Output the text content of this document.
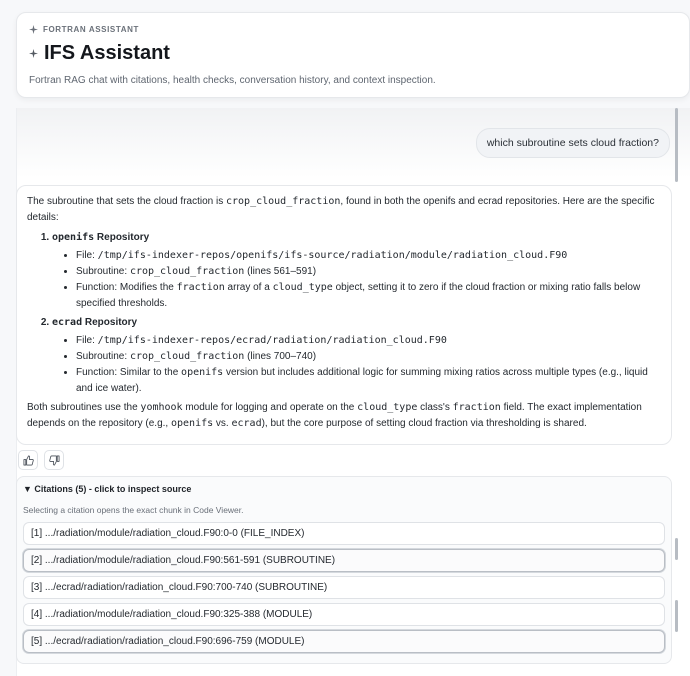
FORTRAN ASSISTANT
IFS Assistant
Fortran RAG chat with citations, health checks, conversation history, and context inspection.
which subroutine sets cloud fraction?

The subroutine that sets the cloud fraction is crop_cloud_fraction, found in both the openifs and ecrad repositories. Here are the specific details:

1. openifs Repository
• File: /tmp/ifs-indexer-repos/openifs/ifs-source/radiation/module/radiation_cloud.F90
• Subroutine: crop_cloud_fraction (lines 561–591)
• Function: Modifies the fraction array of a cloud_type object, setting it to zero if the cloud fraction or mixing ratio falls below specified thresholds.
2. ecrad Repository
• File: /tmp/ifs-indexer-repos/ecrad/radiation/radiation_cloud.F90
• Subroutine: crop_cloud_fraction (lines 700–740)
• Function: Similar to the openifs version but includes additional logic for summing mixing ratios across multiple types (e.g., liquid and ice water).

Both subroutines use the yomhook module for logging and operate on the cloud_type class's fraction field. The exact implementation depends on the repository (e.g., openifs vs. ecrad), but the core purpose of setting cloud fraction via thresholding is shared.

▼ Citations (5) - click to inspect source
Selecting a citation opens the exact chunk in Code Viewer.
[1] .../radiation/module/radiation_cloud.F90:0-0 (FILE_INDEX)
[2] .../radiation/module/radiation_cloud.F90:561-591 (SUBROUTINE)
[3] .../ecrad/radiation/radiation_cloud.F90:700-740 (SUBROUTINE)
[4] .../radiation/module/radiation_cloud.F90:325-388 (MODULE)
[5] .../ecrad/radiation/radiation_cloud.F90:696-759 (MODULE)
